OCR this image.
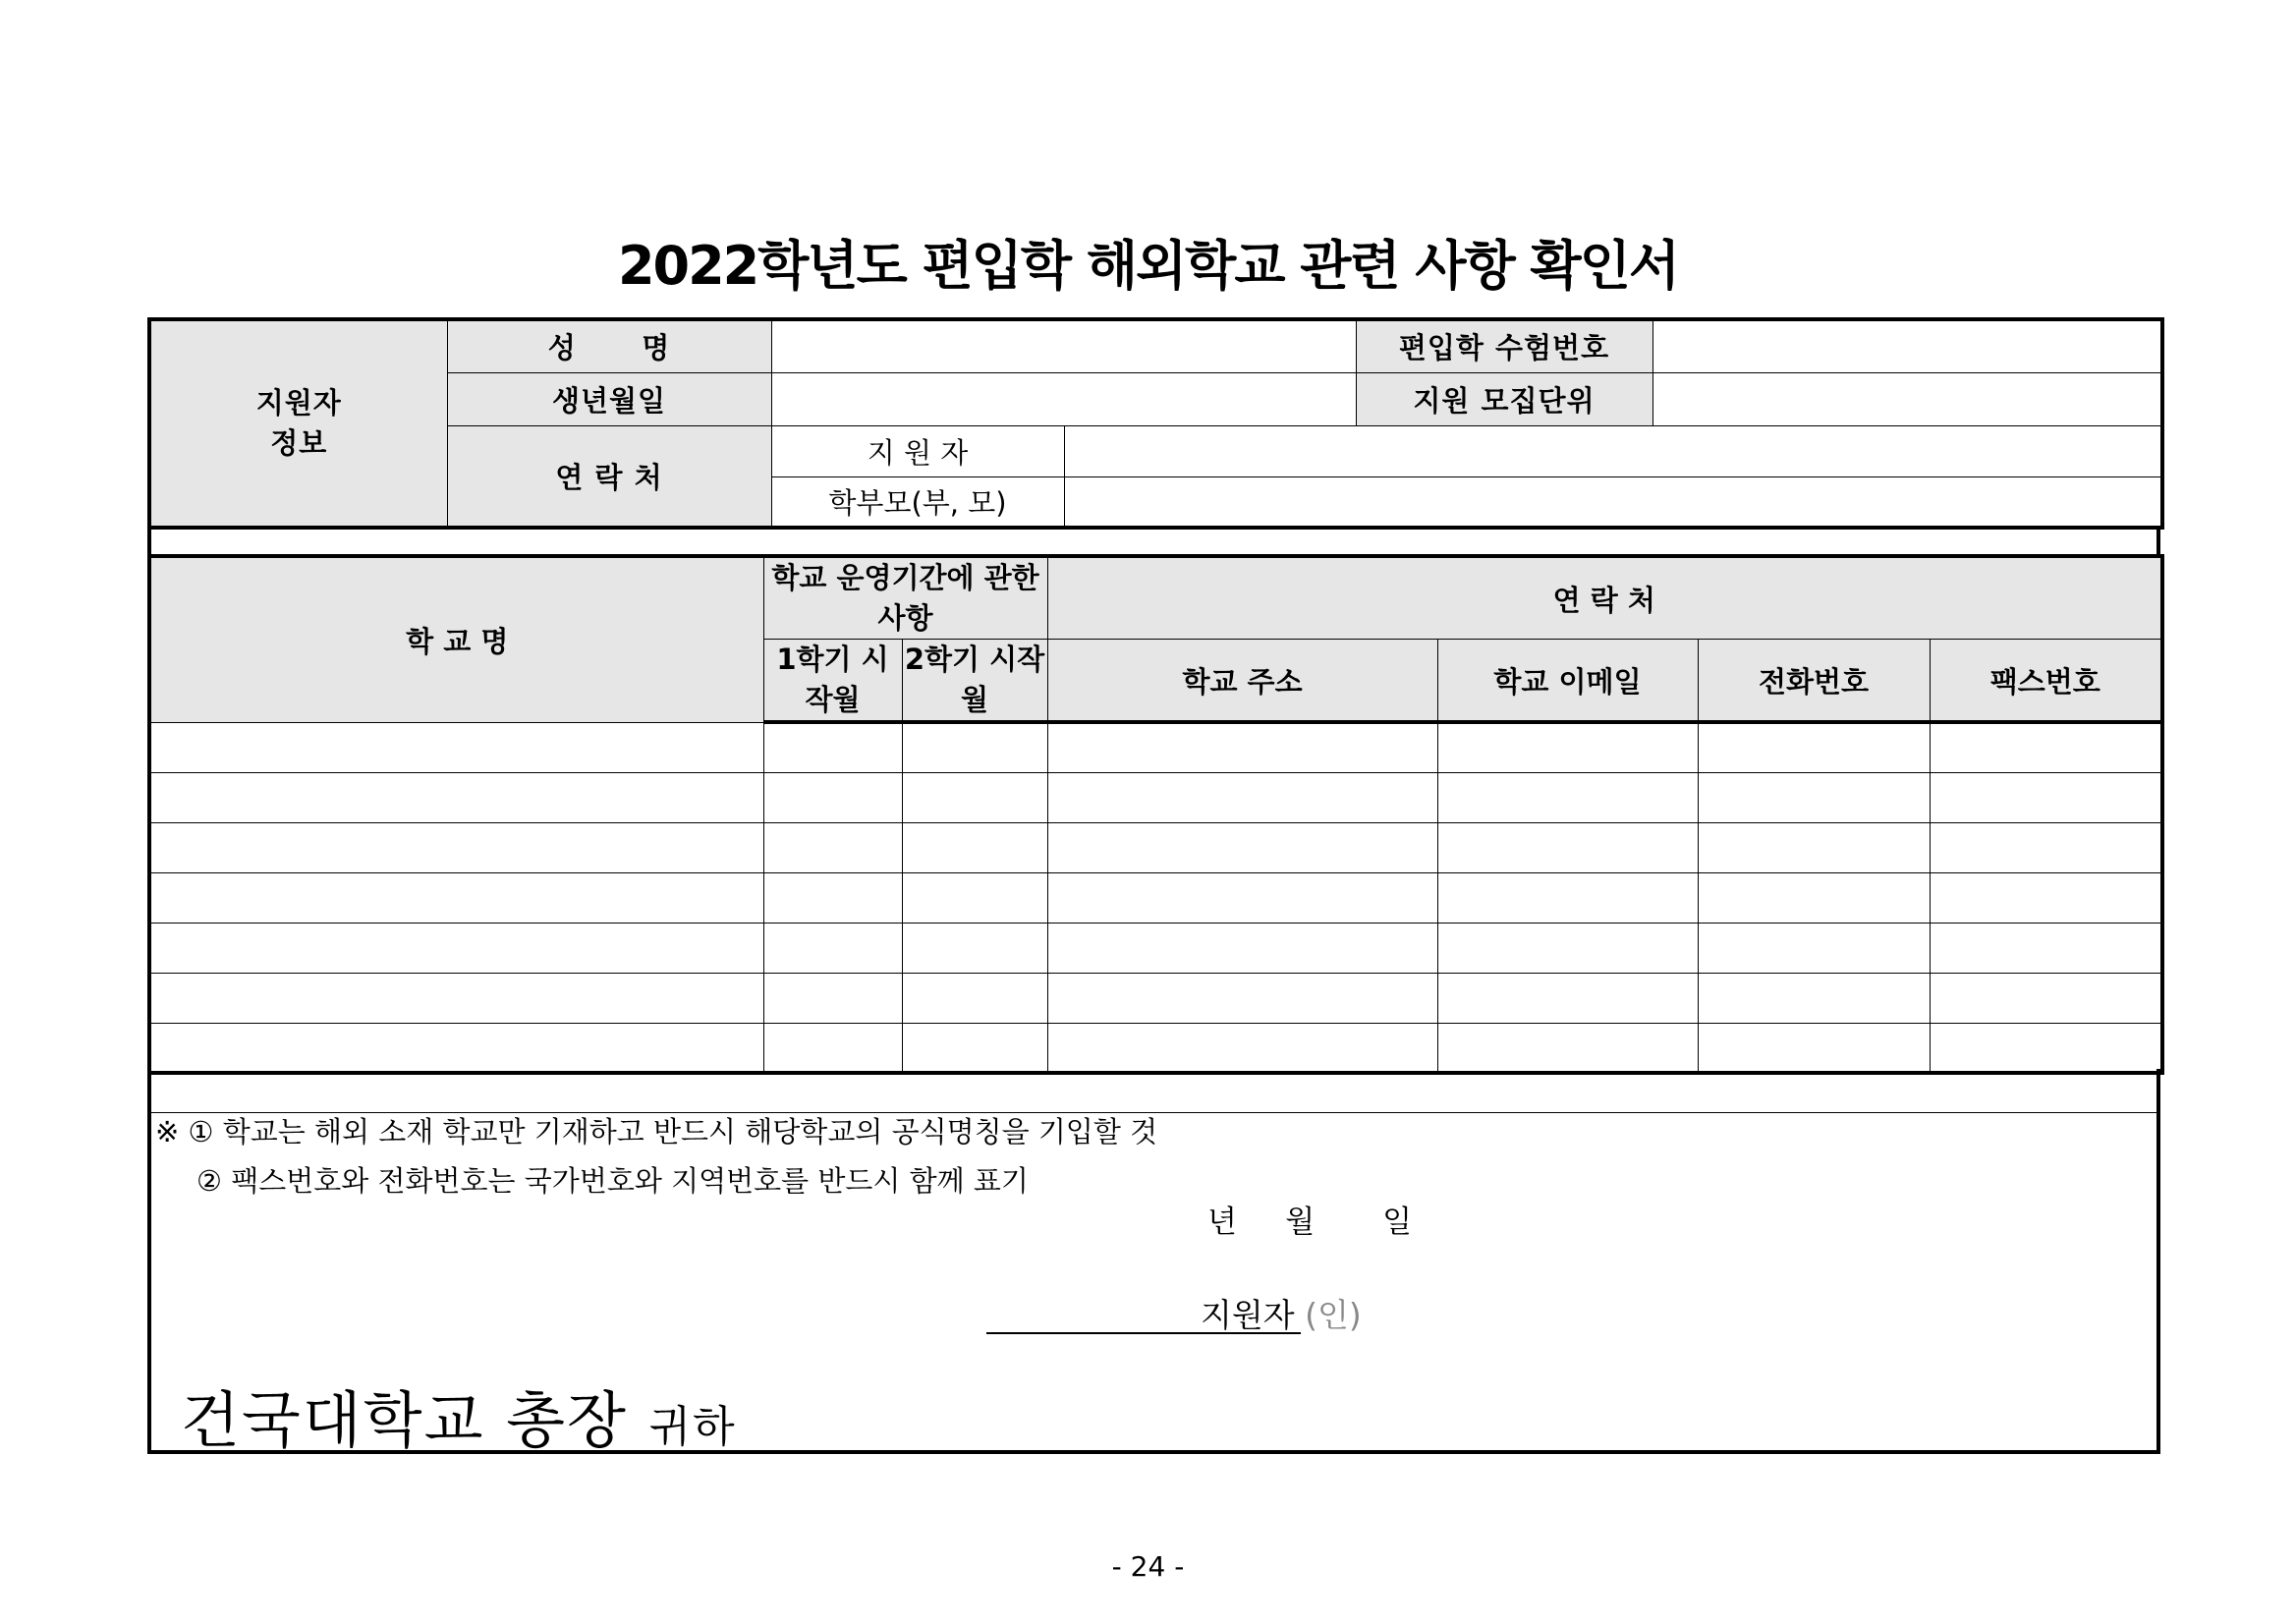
2022학년도 편입학 해외학교 관련 사항 확인서
지원자
정보	성      명			편입학 수험번호	
	생년월일			지원 모집단위	
	연 락 처	지 원 자			
		학부모(부, 모)			
학 교 명	학교 운영기간에 관한 사항		연 락 처			
	1학기 시작월	2학기 시작월	학교 주소	학교 이메일	전화번호	팩스번호

※ ① 학교는 해외 소재 학교만 기재하고 반드시 해당학교의 공식명칭을 기입할 것
② 팩스번호와 전화번호는 국가번호와 지역번호를 반드시 함께 표기
년     월       일
지원자 (인)
건국대학교 총장 귀하
- 24 -
